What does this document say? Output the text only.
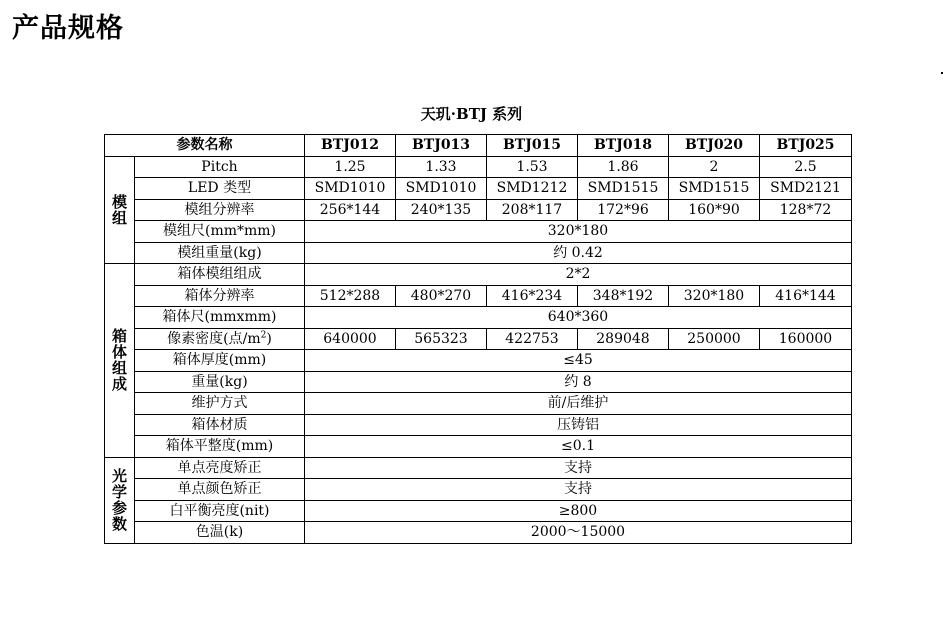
产品规格
天玑·BTJ 系列
参数名称		BTJ012	BTJ013	BTJ015	BTJ018	BTJ020	BTJ025
模
组	Pitch	1.25	1.33	1.53	1.86	2	2.5
	LED 类型	SMD1010	SMD1010	SMD1212	SMD1515	SMD1515	SMD2121
	模组分辨率	256*144	240*135	208*117	172*96	160*90	128*72
	模组尺(mm*mm)	320*180					
	模组重量(kg)	约 0.42					
箱
体
组
成	箱体模组组成	2*2					
	箱体分辨率	512*288	480*270	416*234	348*192	320*180	416*144
	箱体尺(mmxmm)	640*360					
	像素密度(点$/m^2$)	640000	565323	422753	289048	250000	160000
	箱体厚度(mm)	≤45					
	重量(kg)	约 8					
	维护方式	前/后维护					
	箱体材质	压铸铝					
	箱体平整度(mm)	≤0.1					
光
学
参
数	单点亮度矫正	支持					
	单点颜色矫正	支持					
	白平衡亮度(nit)	≥800					
	色温(k)	2000～15000					
